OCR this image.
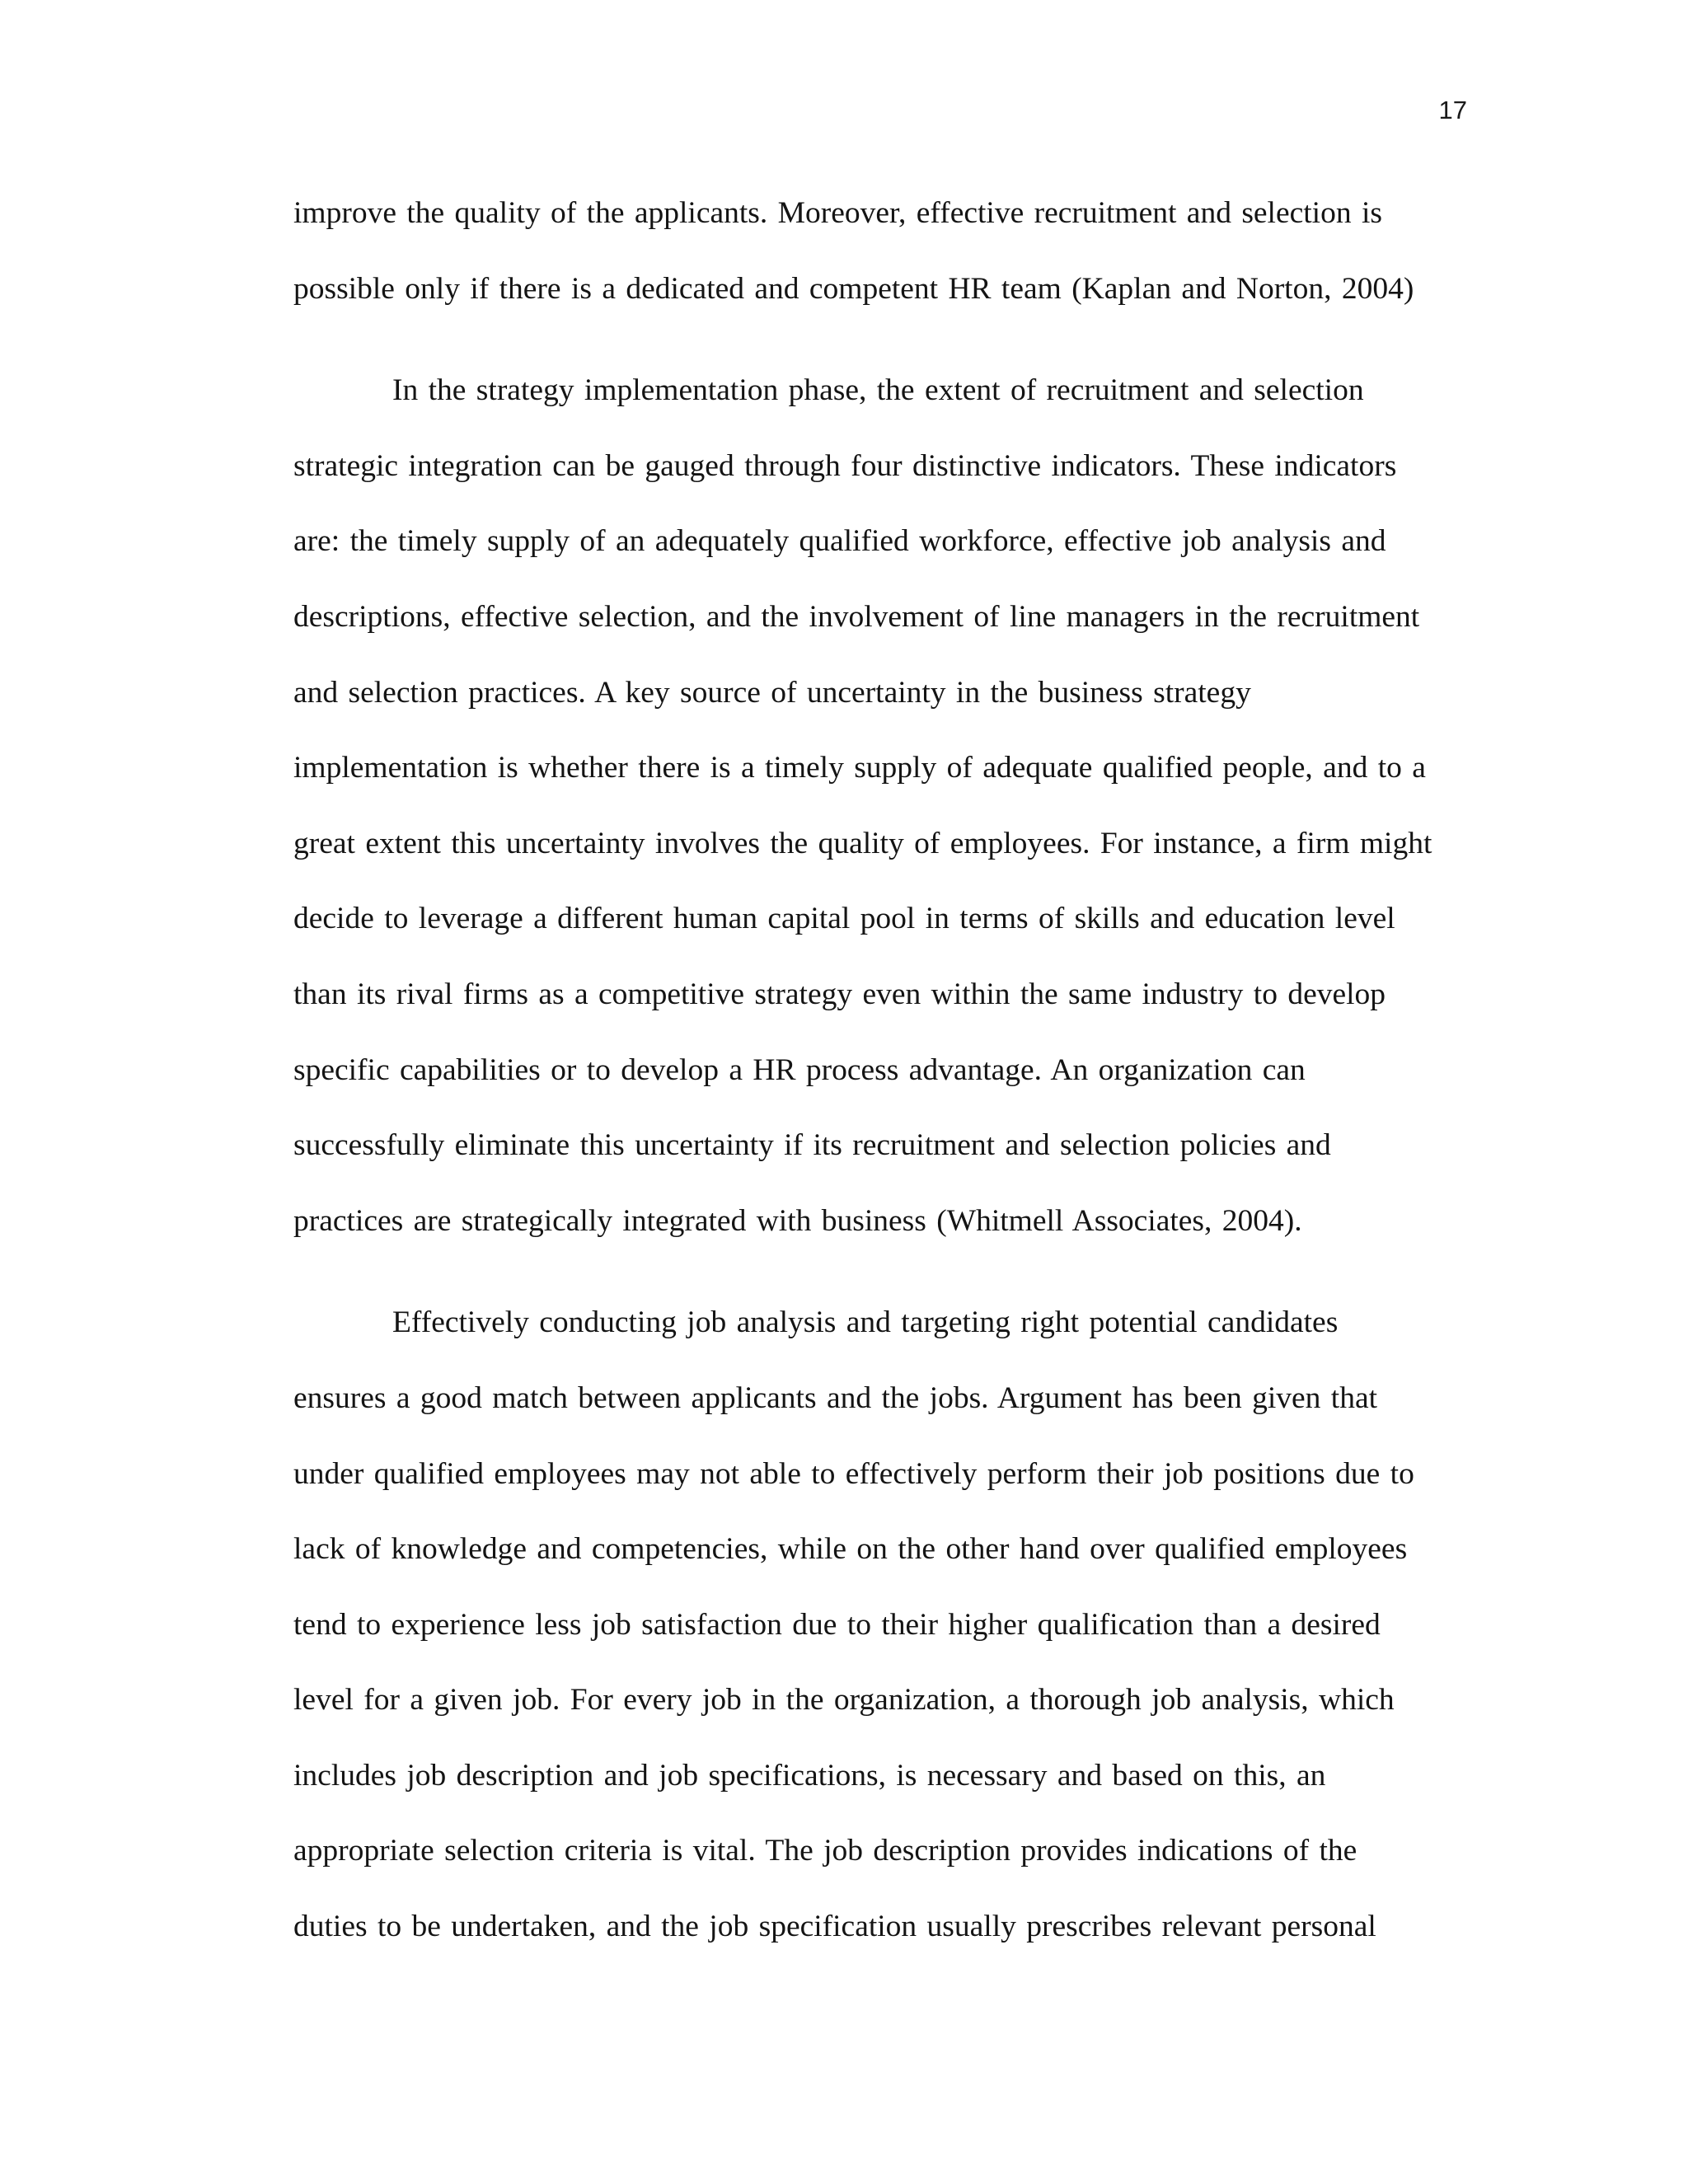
17
improve the quality of the applicants. Moreover, effective recruitment and selection is
possible only if there is a dedicated and competent HR team (Kaplan and Norton, 2004)
In the strategy implementation phase, the extent of recruitment and selection
strategic integration can be gauged through four distinctive indicators. These indicators
are: the timely supply of an adequately qualified workforce, effective job analysis and
descriptions, effective selection, and the involvement of line managers in the recruitment
and selection practices. A key source of uncertainty in the business strategy
implementation is whether there is a timely supply of adequate qualified people, and to a
great extent this uncertainty involves the quality of employees. For instance, a firm might
decide to leverage a different human capital pool in terms of skills and education level
than its rival firms as a competitive strategy even within the same industry to develop
specific capabilities or to develop a HR process advantage. An organization can
successfully eliminate this uncertainty if its recruitment and selection policies and
practices are strategically integrated with business (Whitmell Associates, 2004).
Effectively conducting job analysis and targeting right potential candidates
ensures a good match between applicants and the jobs. Argument has been given that
under qualified employees may not able to effectively perform their job positions due to
lack of knowledge and competencies, while on the other hand over qualified employees
tend to experience less job satisfaction due to their higher qualification than a desired
level for a given job. For every job in the organization, a thorough job analysis, which
includes job description and job specifications, is necessary and based on this, an
appropriate selection criteria is vital. The job description provides indications of the
duties to be undertaken, and the job specification usually prescribes relevant personal
